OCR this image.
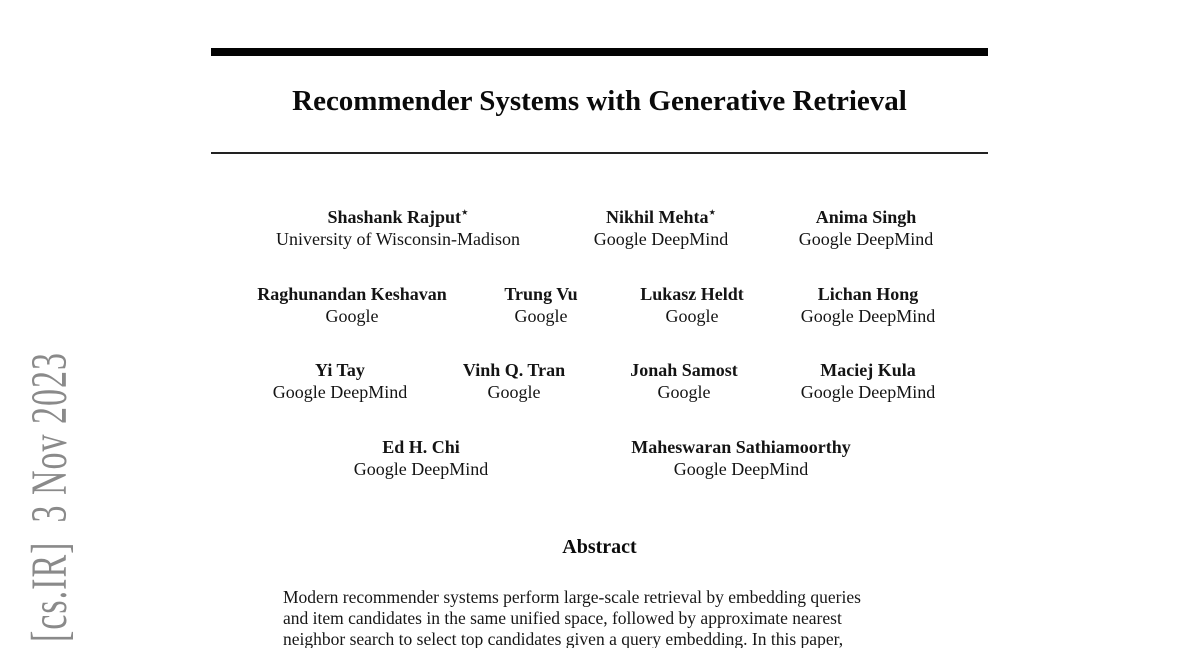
[cs.IR]  3 Nov 2023
Recommender Systems with Generative Retrieval
Shashank Rajput⋆
University of Wisconsin-Madison
Nikhil Mehta⋆
Google DeepMind
Anima Singh
Google DeepMind
Raghunandan Keshavan
Google
Trung Vu
Google
Lukasz Heldt
Google
Lichan Hong
Google DeepMind
Yi Tay
Google DeepMind
Vinh Q. Tran
Google
Jonah Samost
Google
Maciej Kula
Google DeepMind
Ed H. Chi
Google DeepMind
Maheswaran Sathiamoorthy
Google DeepMind
Abstract
Modern recommender systems perform large-scale retrieval by embedding queries
and item candidates in the same unified space, followed by approximate nearest
neighbor search to select top candidates given a query embedding. In this paper,
